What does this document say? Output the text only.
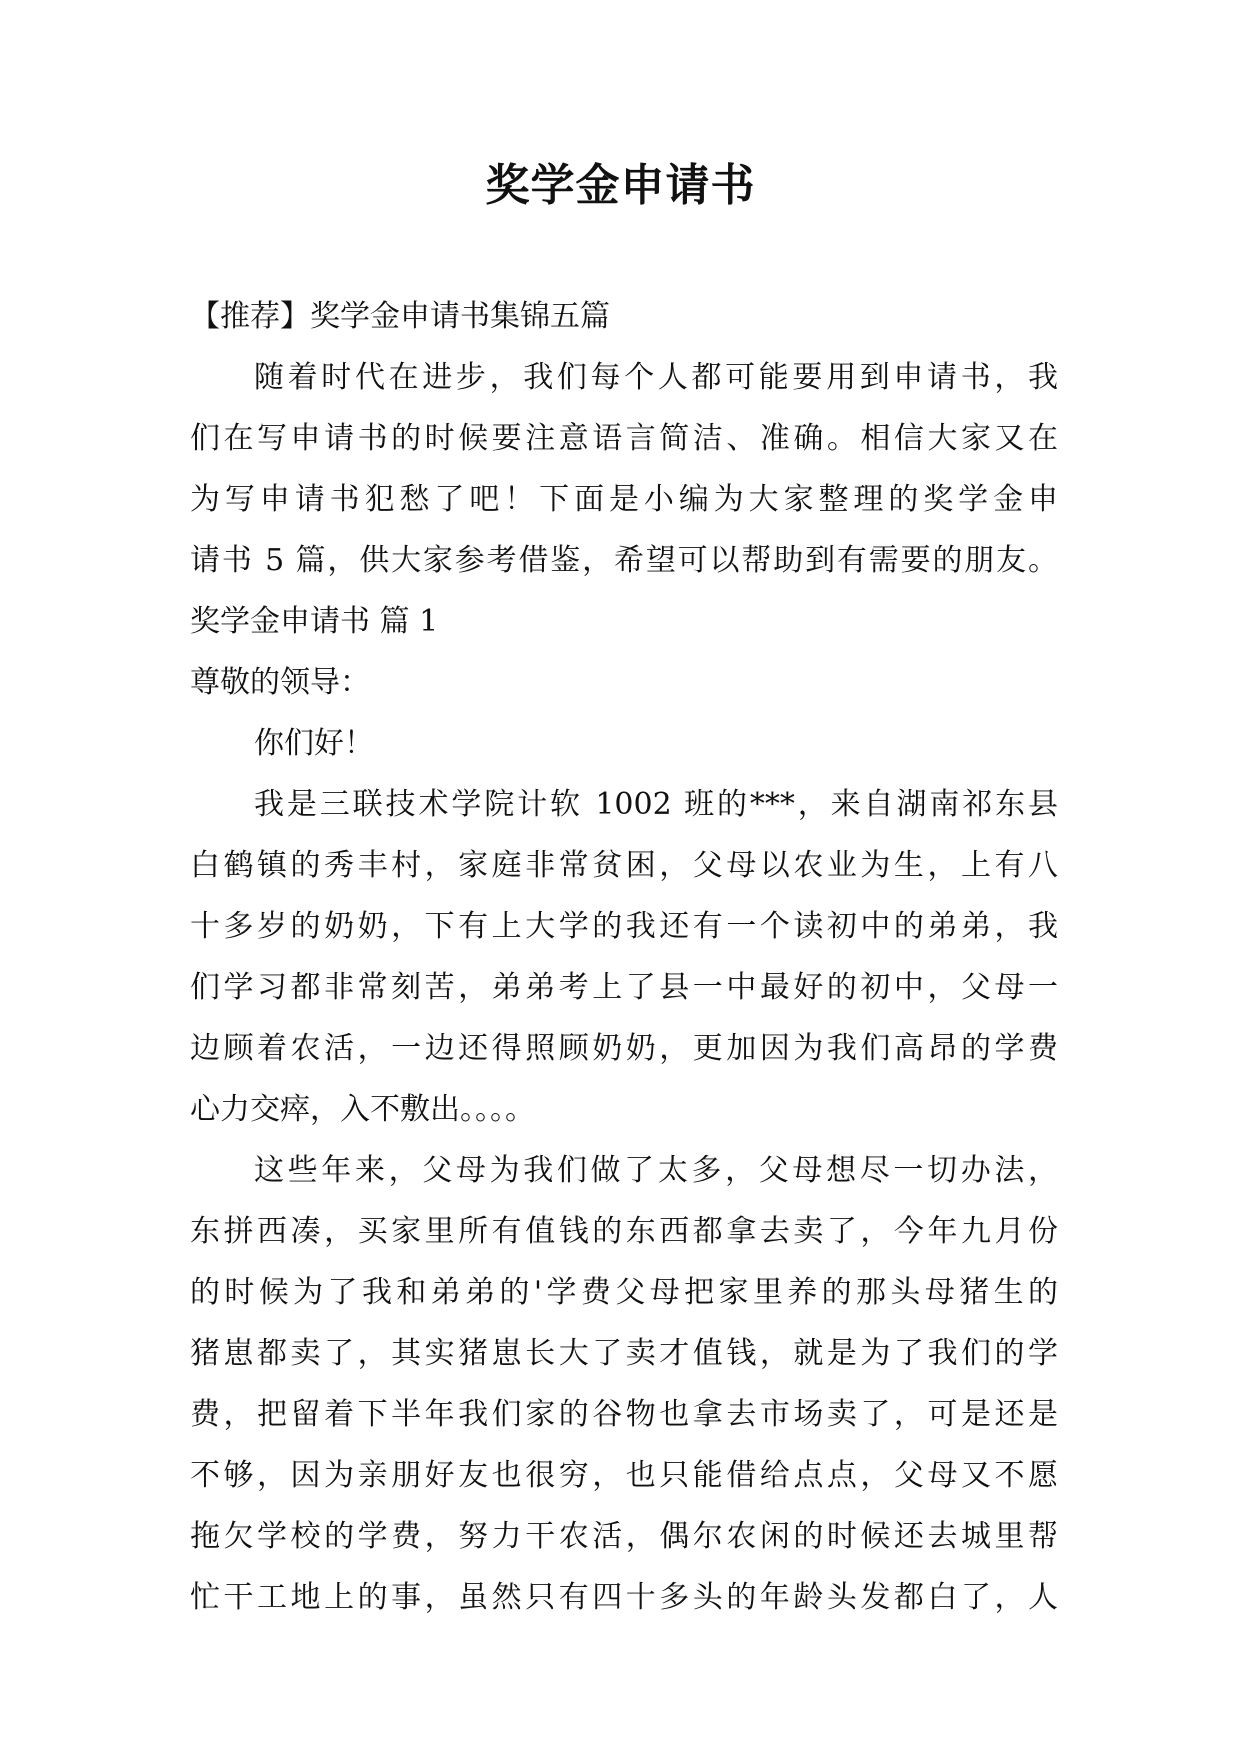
奖学金申请书
【推荐】奖学金申请书集锦五篇
随着时代在进步，我们每个人都可能要用到申请书，我
们在写申请书的时候要注意语言简洁、准确。相信大家又在
为写申请书犯愁了吧！下面是小编为大家整理的奖学金申
请书 5 篇，供大家参考借鉴，希望可以帮助到有需要的朋友。
奖学金申请书 篇 1
尊敬的领导：
你们好！
我是三联技术学院计软 1002 班的***，来自湖南祁东县
白鹤镇的秀丰村，家庭非常贫困，父母以农业为生，上有八
十多岁的奶奶，下有上大学的我还有一个读初中的弟弟，我
们学习都非常刻苦，弟弟考上了县一中最好的初中，父母一
边顾着农活，一边还得照顾奶奶，更加因为我们高昂的学费
心力交瘁，入不敷出。。。。
这些年来，父母为我们做了太多，父母想尽一切办法，
东拼西凑，买家里所有值钱的东西都拿去卖了，今年九月份
的时候为了我和弟弟的'学费父母把家里养的那头母猪生的
猪崽都卖了，其实猪崽长大了卖才值钱，就是为了我们的学
费，把留着下半年我们家的谷物也拿去市场卖了，可是还是
不够，因为亲朋好友也很穷，也只能借给点点，父母又不愿
拖欠学校的学费，努力干农活，偶尔农闲的时候还去城里帮
忙干工地上的事，虽然只有四十多头的年龄头发都白了，人
